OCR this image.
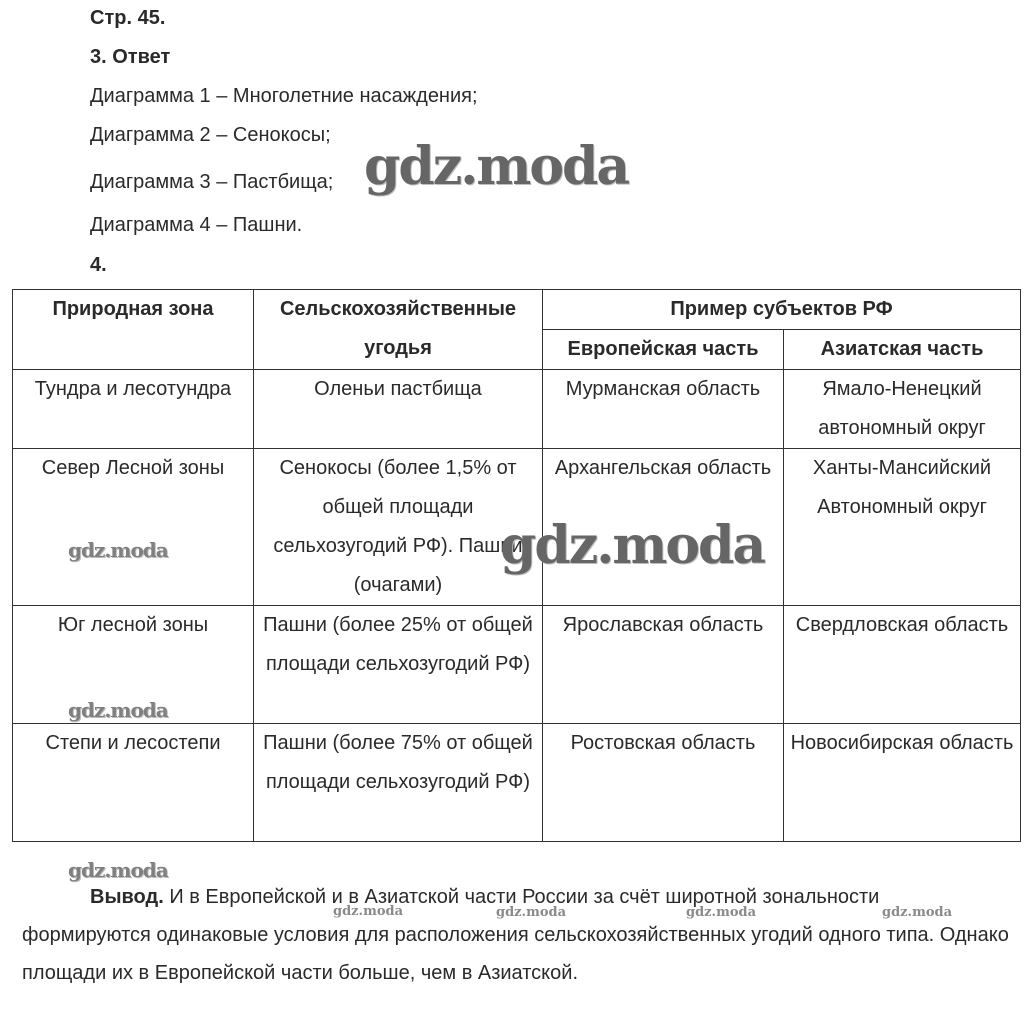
Стр. 45.
3. Ответ
Диаграмма 1 – Многолетние насаждения;
Диаграмма 2 – Сенокосы;
Диаграмма 3 – Пастбища;
Диаграмма 4 – Пашни.
4.
Природная зона	Сельскохозяйственные угодья	Пример субъектов РФ	
		Европейская часть	Азиатская часть
Тундра и лесотундра	Оленьи пастбища	Мурманская область	Ямало-Ненецкий автономный округ
Север Лесной зоны	Сенокосы (более 1,5% от общей площади сельхозугодий РФ). Пашни (очагами)	Архангельская область	Ханты-Мансийский Автономный округ
Юг лесной зоны	Пашни (более 25% от общей площади сельхозугодий РФ)	Ярославская область	Свердловская область
Степи и лесостепи	Пашни (более 75% от общей площади сельхозугодий РФ)	Ростовская область	Новосибирская область
Вывод. И в Европейской и в Азиатской части России за счёт широтной зональности формируются одинаковые условия для расположения сельскохозяйственных угодий одного типа. Однако площади их в Европейской части больше, чем в Азиатской.
gdz.moda
gdz.moda
gdz.moda
gdz.moda
gdz.moda
gdz.moda	gdz.moda	gdz.moda	gdz.moda
